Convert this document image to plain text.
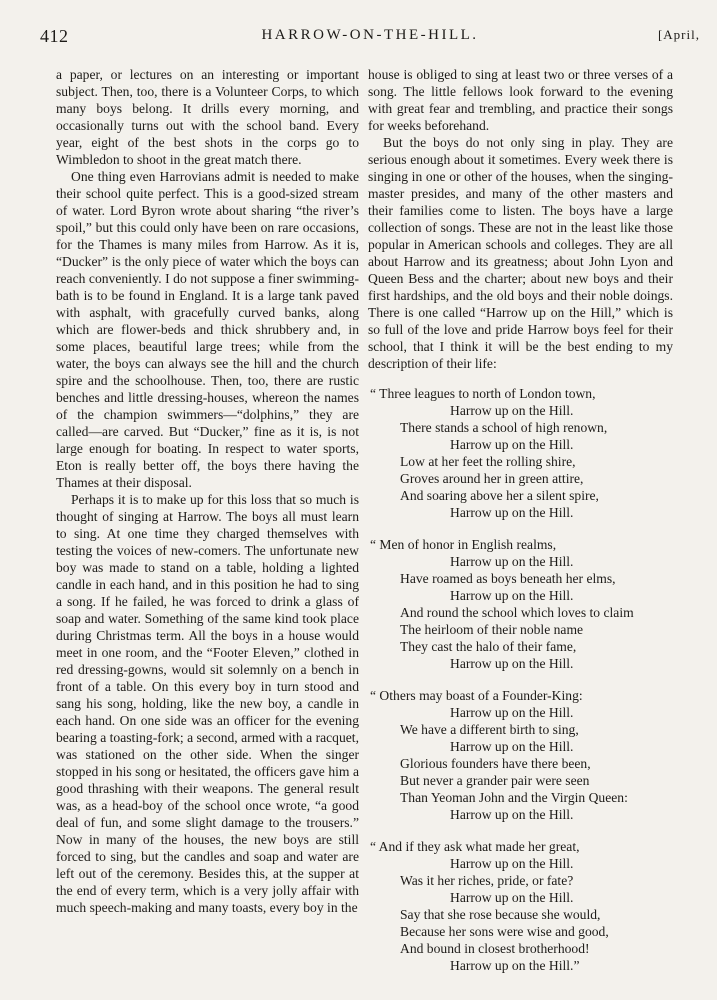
412	HARROW-ON-THE-HILL.	[April,

a paper, or lectures on an interesting or important subject. Then, too, there is a Volunteer Corps, to which many boys belong. It drills every morning, and occasionally turns out with the school band. Every year, eight of the best shots in the corps go to Wimbledon to shoot in the great match there.

One thing even Harrovians admit is needed to make their school quite perfect. This is a good-sized stream of water. Lord Byron wrote about sharing “the river’s spoil,” but this could only have been on rare occasions, for the Thames is many miles from Harrow. As it is, “Ducker” is the only piece of water which the boys can reach conveniently. I do not suppose a finer swimming-bath is to be found in England. It is a large tank paved with asphalt, with gracefully curved banks, along which are flower-beds and thick shrubbery and, in some places, beautiful large trees; while from the water, the boys can always see the hill and the church spire and the schoolhouse. Then, too, there are rustic benches and little dressing-houses, whereon the names of the champion swimmers—“dolphins,” they are called—are carved. But “Ducker,” fine as it is, is not large enough for boating. In respect to water sports, Eton is really better off, the boys there having the Thames at their disposal.

Perhaps it is to make up for this loss that so much is thought of singing at Harrow. The boys all must learn to sing. At one time they charged themselves with testing the voices of new-comers. The unfortunate new boy was made to stand on a table, holding a lighted candle in each hand, and in this position he had to sing a song. If he failed, he was forced to drink a glass of soap and water. Something of the same kind took place during Christmas term. All the boys in a house would meet in one room, and the “Footer Eleven,” clothed in red dressing-gowns, would sit solemnly on a bench in front of a table. On this every boy in turn stood and sang his song, holding, like the new boy, a candle in each hand. On one side was an officer for the evening bearing a toasting-fork; a second, armed with a racquet, was stationed on the other side. When the singer stopped in his song or hesitated, the officers gave him a good thrashing with their weapons. The general result was, as a head-boy of the school once wrote, “a good deal of fun, and some slight damage to the trousers.” Now in many of the houses, the new boys are still forced to sing, but the candles and soap and water are left out of the ceremony. Besides this, at the supper at the end of every term, which is a very jolly affair with much speech-making and many toasts, every boy in the

house is obliged to sing at least two or three verses of a song. The little fellows look forward to the evening with great fear and trembling, and practice their songs for weeks beforehand.

But the boys do not only sing in play. They are serious enough about it sometimes. Every week there is singing in one or other of the houses, when the singing-master presides, and many of the other masters and their families come to listen. The boys have a large collection of songs. These are not in the least like those popular in American schools and colleges. They are all about Harrow and its greatness; about John Lyon and Queen Bess and the charter; about new boys and their first hardships, and the old boys and their noble doings. There is one called “Harrow up on the Hill,” which is so full of the love and pride Harrow boys feel for their school, that I think it will be the best ending to my description of their life:

“ Three leagues to north of London town,
Harrow up on the Hill.
There stands a school of high renown,
Harrow up on the Hill.
Low at her feet the rolling shire,
Groves around her in green attire,
And soaring above her a silent spire,
Harrow up on the Hill.
“ Men of honor in English realms,
Harrow up on the Hill.
Have roamed as boys beneath her elms,
Harrow up on the Hill.
And round the school which loves to claim
The heirloom of their noble name
They cast the halo of their fame,
Harrow up on the Hill.
“ Others may boast of a Founder-King:
Harrow up on the Hill.
We have a different birth to sing,
Harrow up on the Hill.
Glorious founders have there been,
But never a grander pair were seen
Than Yeoman John and the Virgin Queen:
Harrow up on the Hill.
“ And if they ask what made her great,
Harrow up on the Hill.
Was it her riches, pride, or fate?
Harrow up on the Hill.
Say that she rose because she would,
Because her sons were wise and good,
And bound in closest brotherhood!
Harrow up on the Hill.”
